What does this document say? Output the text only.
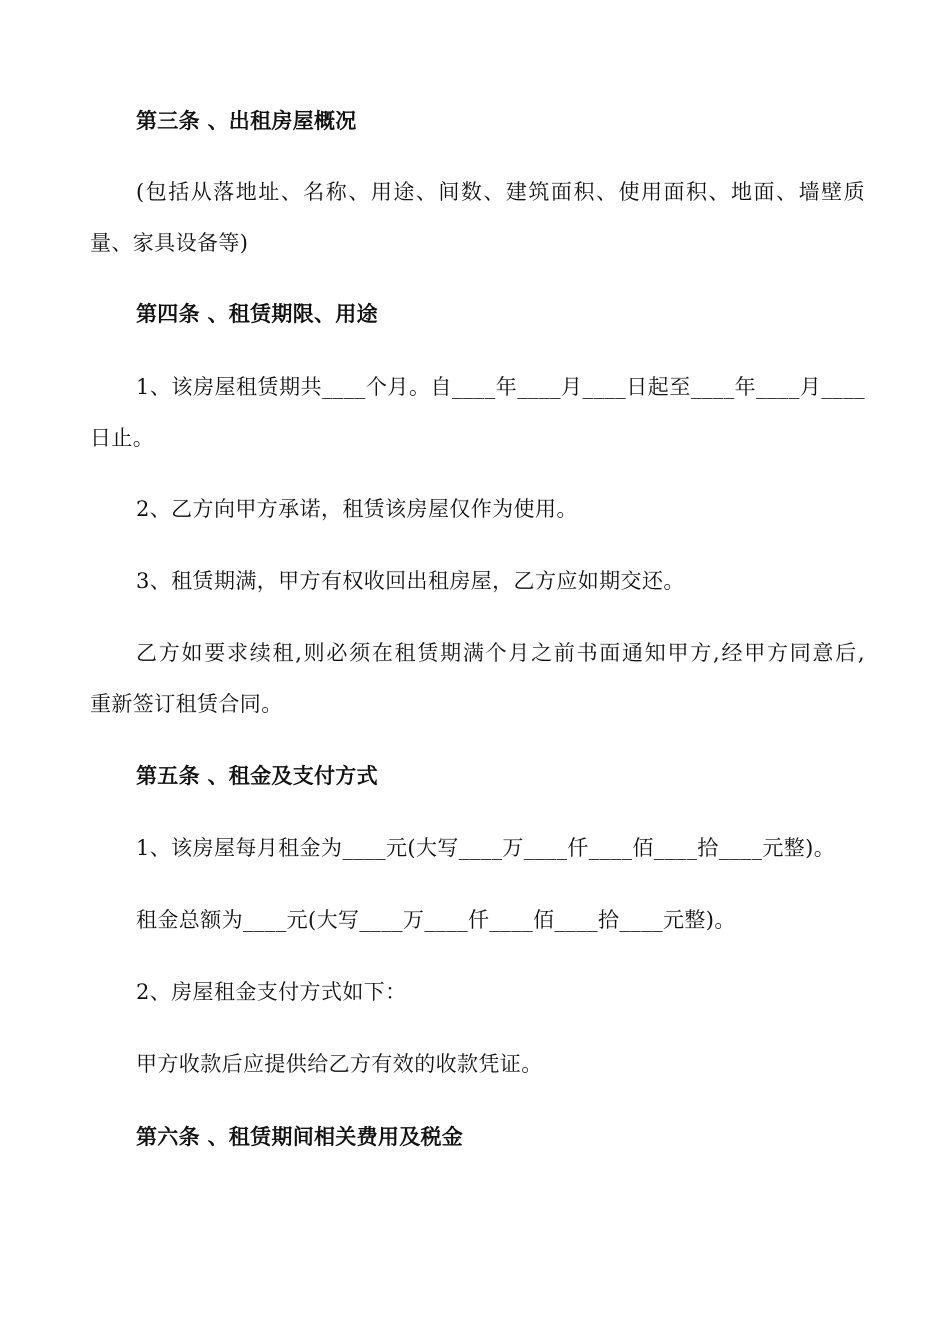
第三条 、出租房屋概况
(包括从落地址、名称、用途、间数、建筑面积、使用面积、地面、墙壁质
量、家具设备等)
第四条 、租赁期限、用途
1、该房屋租赁期共____个月。自____年____月____日起至____年____月____
日止。
2、乙方向甲方承诺，租赁该房屋仅作为使用。
3、租赁期满，甲方有权收回出租房屋，乙方应如期交还。
乙方如要求续租,则必须在租赁期满个月之前书面通知甲方,经甲方同意后,
重新签订租赁合同。
第五条 、租金及支付方式
1、该房屋每月租金为____元(大写____万____仟____佰____拾____元整)。
租金总额为____元(大写____万____仟____佰____拾____元整)。
2、房屋租金支付方式如下：
甲方收款后应提供给乙方有效的收款凭证。
第六条 、租赁期间相关费用及税金
